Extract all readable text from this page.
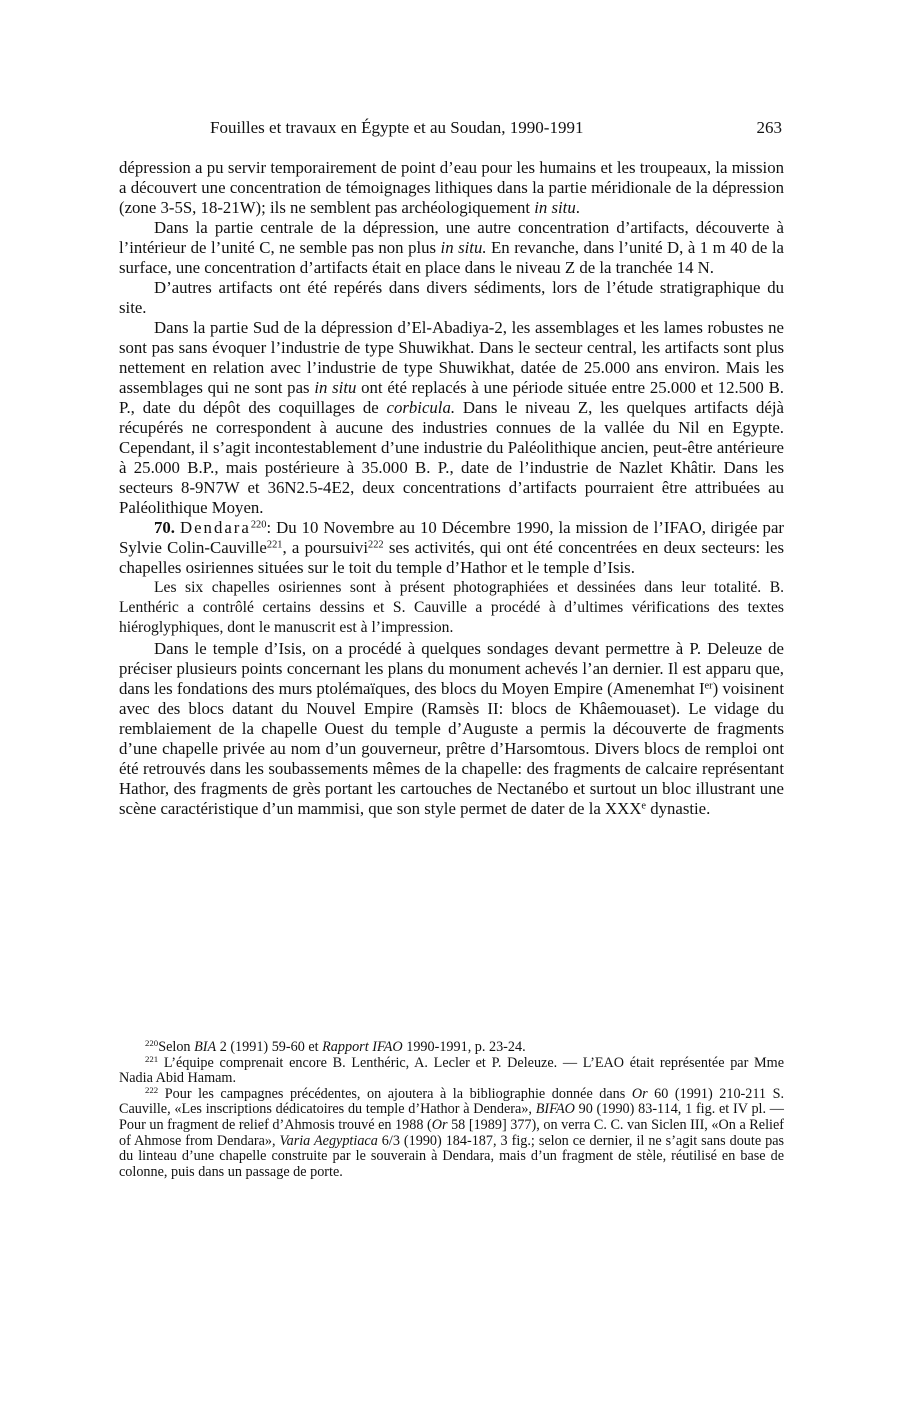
Fouilles et travaux en Égypte et au Soudan, 1990-1991	263

dépression a pu servir temporairement de point d’eau pour les humains et les troupeaux, la mission a découvert une concentration de témoignages lithiques dans la partie méridionale de la dépression (zone 3-5S, 18-21W); ils ne semblent pas archéologiquement in situ.

Dans la partie centrale de la dépression, une autre concentration d’artifacts, découverte à l’intérieur de l’unité C, ne semble pas non plus in situ. En revanche, dans l’unité D, à 1 m 40 de la surface, une concentration d’artifacts était en place dans le niveau Z de la tranchée 14 N.

D’autres artifacts ont été repérés dans divers sédiments, lors de l’étude stratigraphique du site.

Dans la partie Sud de la dépression d’El-Abadiya-2, les assemblages et les lames robustes ne sont pas sans évoquer l’industrie de type Shuwikhat. Dans le secteur central, les artifacts sont plus nettement en relation avec l’industrie de type Shuwikhat, datée de 25.000 ans environ. Mais les assemblages qui ne sont pas in situ ont été replacés à une période située entre 25.000 et 12.500 B. P., date du dépôt des coquillages de corbicula. Dans le niveau Z, les quelques artifacts déjà récupérés ne correspondent à aucune des industries connues de la vallée du Nil en Egypte. Cependant, il s’agit incontestablement d’une industrie du Paléolithique ancien, peut-être antérieure à 25.000 B.P., mais postérieure à 35.000 B. P., date de l’industrie de Nazlet Khâtir. Dans les secteurs 8-9N7W et 36N2.5-4E2, deux concentrations d’artifacts pourraient être attribuées au Paléolithique Moyen.

70. Dendara$^{220}$: Du 10 Novembre au 10 Décembre 1990, la mission de l’IFAO, dirigée par Sylvie Colin-Cauville$^{221}$, a poursuivi$^{222}$ ses activités, qui ont été concentrées en deux secteurs: les chapelles osiriennes situées sur le toit du temple d’Hathor et le temple d’Isis.

Les six chapelles osiriennes sont à présent photographiées et dessinées dans leur totalité. B. Lenthéric a contrôlé certains dessins et S. Cauville a procédé à d’ultimes vérifications des textes hiéroglyphiques, dont le manuscrit est à l’impression.

Dans le temple d’Isis, on a procédé à quelques sondages devant permettre à P. Deleuze de préciser plusieurs points concernant les plans du monument achevés l’an dernier. Il est apparu que, dans les fondations des murs ptolémaïques, des blocs du Moyen Empire (Amenemhat Ier) voisinent avec des blocs datant du Nouvel Empire (Ramsès II: blocs de Khâemouaset). Le vidage du remblaiement de la chapelle Ouest du temple d’Auguste a permis la découverte de fragments d’une chapelle privée au nom d’un gouverneur, prêtre d’Harsomtous. Divers blocs de remploi ont été retrouvés dans les soubassements mêmes de la chapelle: des fragments de calcaire représentant Hathor, des fragments de grès portant les cartouches de Nectanébo et surtout un bloc illustrant une scène caractéristique d’un mammisi, que son style permet de dater de la XXXe dynastie.

$^{220}$Selon BIA 2 (1991) 59-60 et Rapport IFAO 1990-1991, p. 23-24.

$^{221}$ L’équipe comprenait encore B. Lenthéric, A. Lecler et P. Deleuze. — L’EAO était représentée par Mme Nadia Abid Hamam.

$^{222}$ Pour les campagnes précédentes, on ajoutera à la bibliographie donnée dans Or 60 (1991) 210-211 S. Cauville, «Les inscriptions dédicatoires du temple d’Hathor à Dendera», BIFAO 90 (1990) 83-114, 1 fig. et IV pl. — Pour un fragment de relief d’Ahmosis trouvé en 1988 (Or 58 [1989] 377), on verra C. C. van Siclen III, «On a Relief of Ahmose from Dendara», Varia Aegyptiaca 6/3 (1990) 184-187, 3 fig.; selon ce dernier, il ne s’agit sans doute pas du linteau d’une chapelle construite par le souverain à Dendara, mais d’un fragment de stèle, réutilisé en base de colonne, puis dans un passage de porte.
